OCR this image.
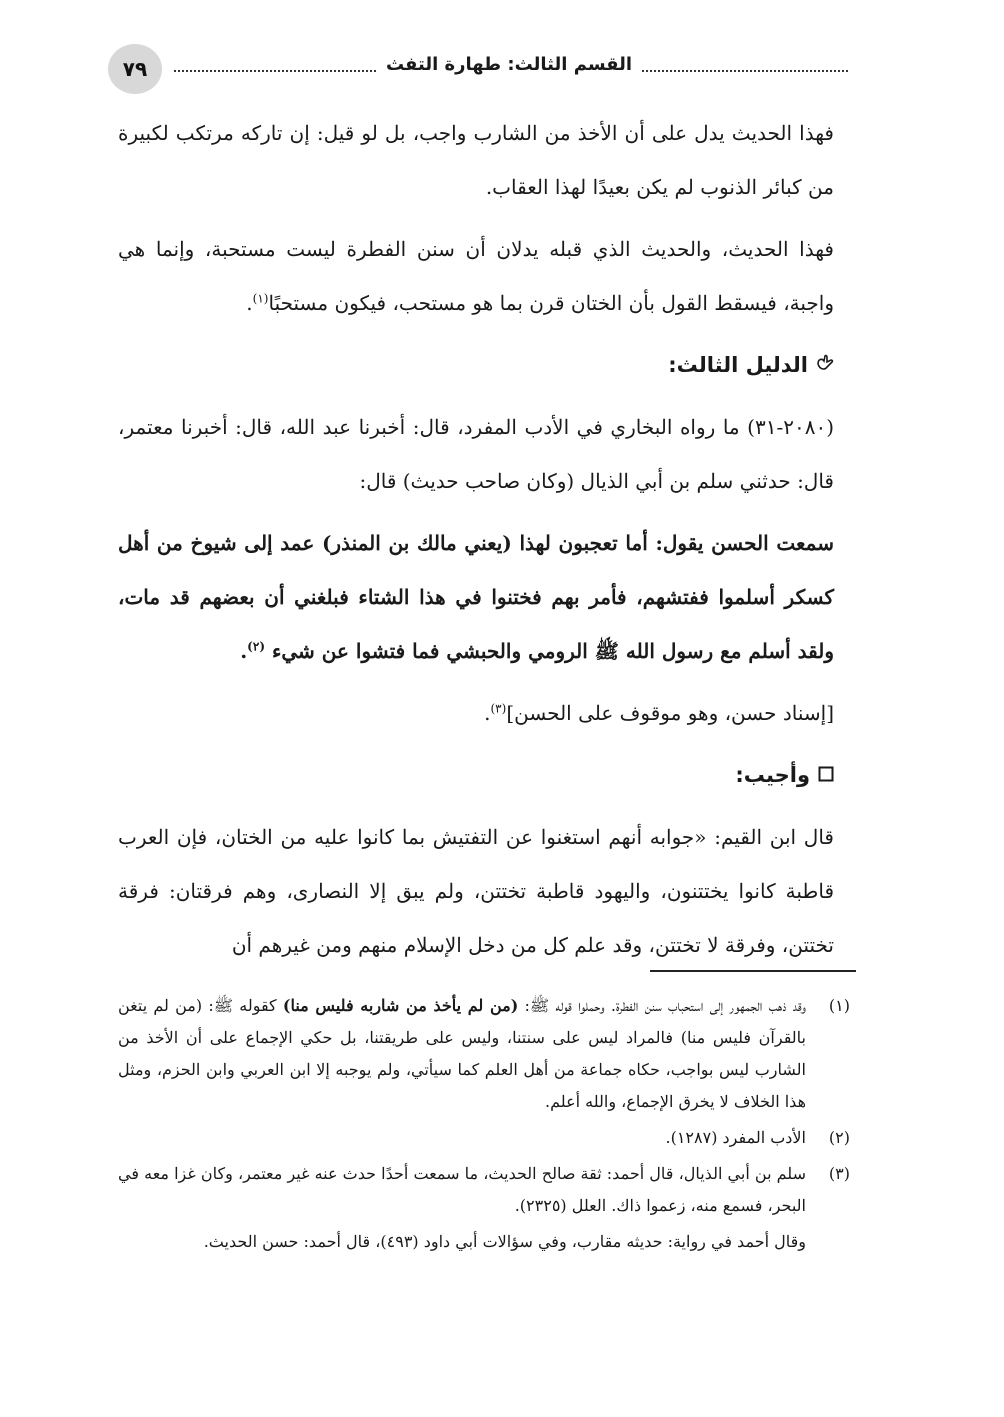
٧٩	القسم الثالث: طهارة التفث

فهذا الحديث يدل على أن الأخذ من الشارب واجب، بل لو قيل: إن تاركه مرتكب لكبيرة من كبائر الذنوب لم يكن بعيدًا لهذا العقاب.

فهذا الحديث، والحديث الذي قبله يدلان أن سنن الفطرة ليست مستحبة، وإنما هي واجبة، فيسقط القول بأن الختان قرن بما هو مستحب، فيكون مستحبًا$^{(١)}$.

الدليل الثالث:

(٢٠٨٠-٣١) ما رواه البخاري في الأدب المفرد، قال: أخبرنا عبد الله، قال: أخبرنا معتمر، قال: حدثني سلم بن أبي الذيال (وكان صاحب حديث) قال:

سمعت الحسن يقول: أما تعجبون لهذا (يعني مالك بن المنذر) عمد إلى شيوخ من أهل كسكر أسلموا ففتشهم، فأمر بهم فختنوا في هذا الشتاء فبلغني أن بعضهم قد مات، ولقد أسلم مع رسول الله ﷺ الرومي والحبشي فما فتشوا عن شيء $^{(٢)}$.

[إسناد حسن، وهو موقوف على الحسن]$^{(٣)}$.

وأجيب:

قال ابن القيم: «جوابه أنهم استغنوا عن التفتيش بما كانوا عليه من الختان، فإن العرب قاطبة كانوا يختتنون، واليهود قاطبة تختتن، ولم يبق إلا النصارى، وهم فرقتان: فرقة تختتن، وفرقة لا تختتن، وقد علم كل من دخل الإسلام منهم ومن غيرهم أن

(١)
وقد ذهب الجمهور إلى استحباب سنن الفطرة. وحملوا قوله ﷺ: (من لم يأخذ من شاربه فليس منا) كقوله ﷺ: (من لم يتغن بالقرآن فليس منا) فالمراد ليس على سنتنا، وليس على طريقتنا، بل حكي الإجماع على أن الأخذ من الشارب ليس بواجب، حكاه جماعة من أهل العلم كما سيأتي، ولم يوجبه إلا ابن العربي وابن الحزم، ومثل هذا الخلاف لا يخرق الإجماع، والله أعلم.
(٢)
الأدب المفرد (١٢٨٧).
(٣)
سلم بن أبي الذيال، قال أحمد: ثقة صالح الحديث، ما سمعت أحدًا حدث عنه غير معتمر، وكان غزا معه في البحر، فسمع منه، زعموا ذاك. العلل (٢٣٢٥).
وقال أحمد في رواية: حديثه مقارب، وفي سؤالات أبي داود (٤٩٣)، قال أحمد: حسن الحديث.
